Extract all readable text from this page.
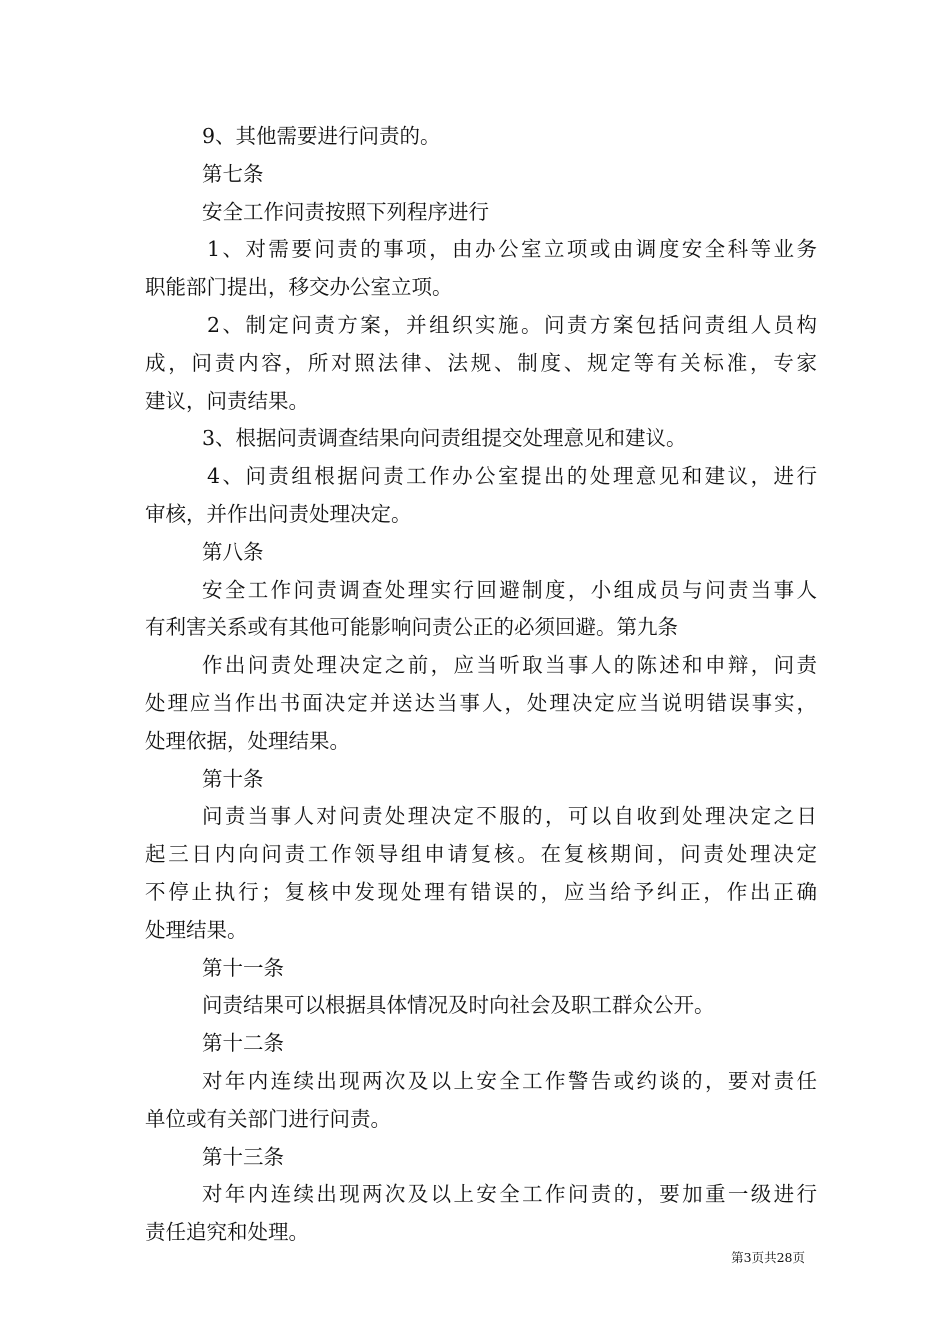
9、其他需要进行问责的。
第七条
安全工作问责按照下列程序进行
1、对需要问责的事项，由办公室立项或由调度安全科等业务
职能部门提出，移交办公室立项。
2、制定问责方案，并组织实施。问责方案包括问责组人员构
成，问责内容，所对照法律、法规、制度、规定等有关标准，专家
建议，问责结果。
3、根据问责调查结果向问责组提交处理意见和建议。
4、问责组根据问责工作办公室提出的处理意见和建议，进行
审核，并作出问责处理决定。
第八条
安全工作问责调查处理实行回避制度，小组成员与问责当事人
有利害关系或有其他可能影响问责公正的必须回避。第九条
作出问责处理决定之前，应当听取当事人的陈述和申辩，问责
处理应当作出书面决定并送达当事人，处理决定应当说明错误事实，
处理依据，处理结果。
第十条
问责当事人对问责处理决定不服的，可以自收到处理决定之日
起三日内向问责工作领导组申请复核。在复核期间，问责处理决定
不停止执行；复核中发现处理有错误的，应当给予纠正，作出正确
处理结果。
第十一条
问责结果可以根据具体情况及时向社会及职工群众公开。
第十二条
对年内连续出现两次及以上安全工作警告或约谈的，要对责任
单位或有关部门进行问责。
第十三条
对年内连续出现两次及以上安全工作问责的，要加重一级进行
责任追究和处理。
第3页共28页
